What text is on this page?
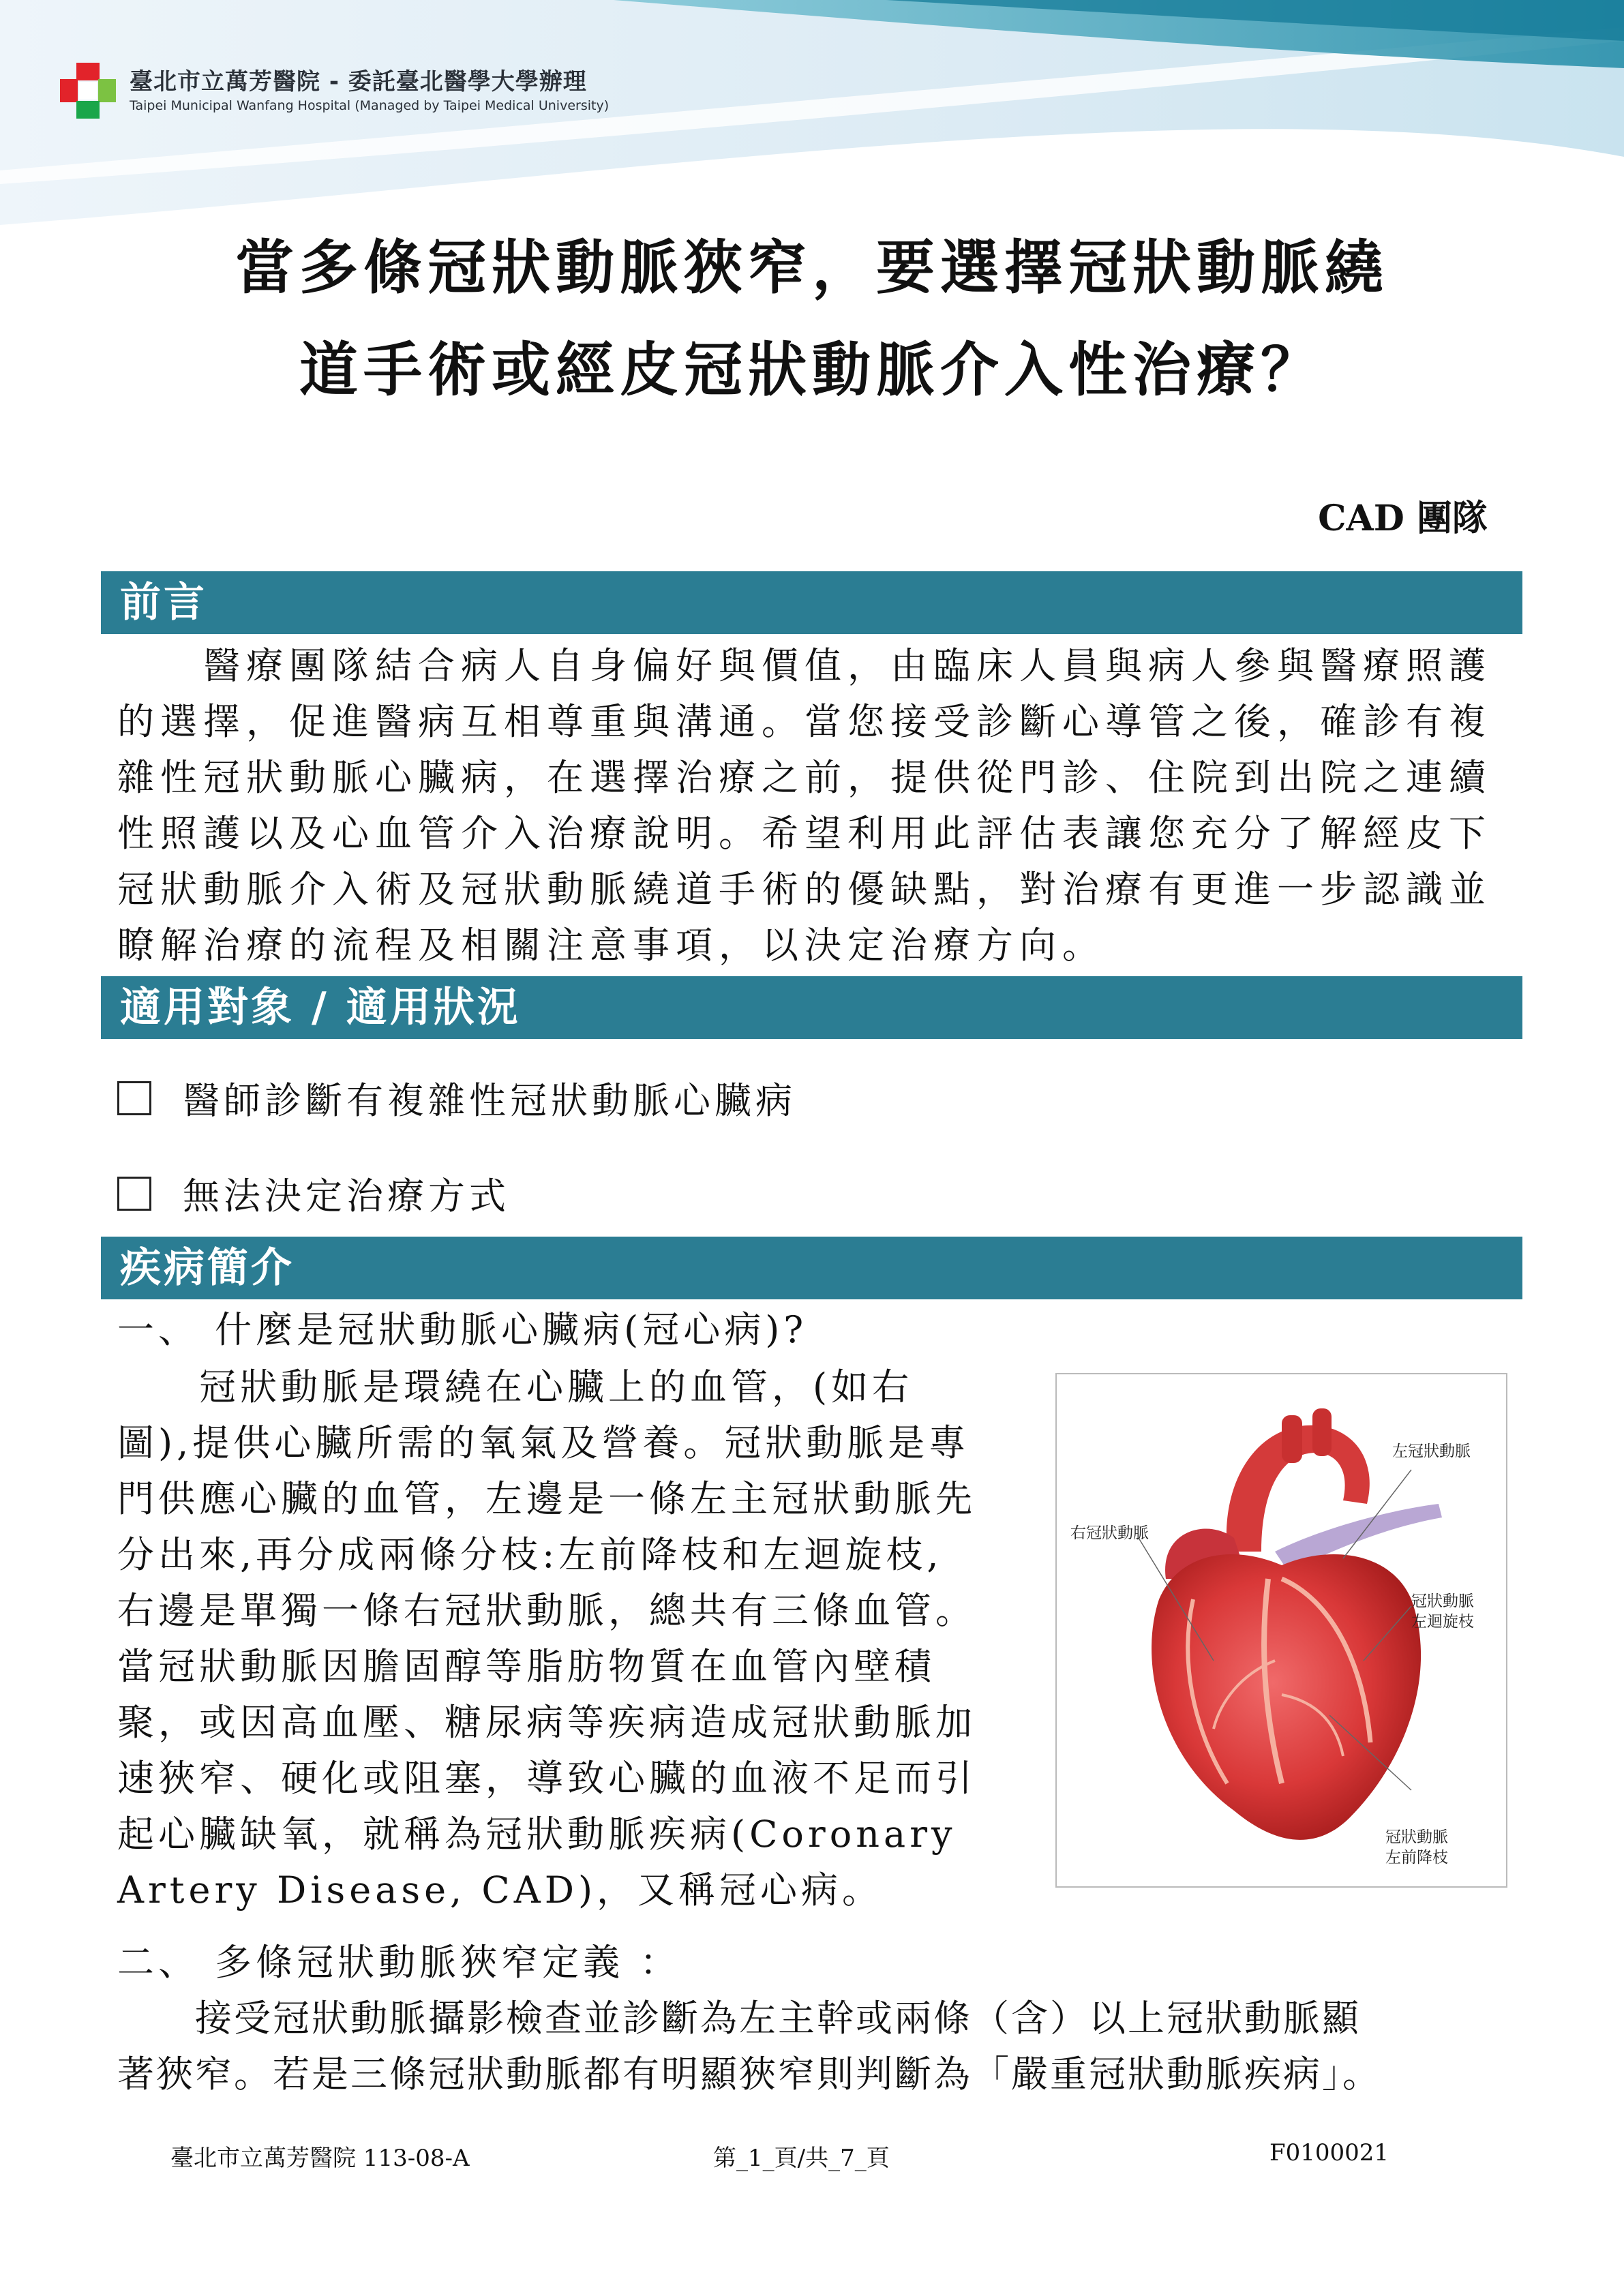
臺北市立萬芳醫院 - 委託臺北醫學大學辦理
Taipei Municipal Wanfang Hospital (Managed by Taipei Medical University)
當多條冠狀動脈狹窄，要選擇冠狀動脈繞
道手術或經皮冠狀動脈介入性治療？
CAD 團隊
前言
　　醫療團隊結合病人自身偏好與價值，由臨床人員與病人參與醫療照護
的選擇，促進醫病互相尊重與溝通。當您接受診斷心導管之後，確診有複
雜性冠狀動脈心臟病，在選擇治療之前，提供從門診、住院到出院之連續
性照護以及心血管介入治療說明。希望利用此評估表讓您充分了解經皮下
冠狀動脈介入術及冠狀動脈繞道手術的優缺點，對治療有更進一步認識並
瞭解治療的流程及相關注意事項，以決定治療方向。
適用對象 / 適用狀況
醫師診斷有複雜性冠狀動脈心臟病
無法決定治療方式
疾病簡介
一、 什麼是冠狀動脈心臟病(冠心病)?
　　冠狀動脈是環繞在心臟上的血管，(如右
圖),提供心臟所需的氧氣及營養。冠狀動脈是專
門供應心臟的血管，左邊是一條左主冠狀動脈先
分出來,再分成兩條分枝:左前降枝和左迴旋枝,
右邊是單獨一條右冠狀動脈，總共有三條血管。
當冠狀動脈因膽固醇等脂肪物質在血管內壁積
聚，或因高血壓、糖尿病等疾病造成冠狀動脈加
速狹窄、硬化或阻塞，導致心臟的血液不足而引
起心臟缺氧，就稱為冠狀動脈疾病(Coronary
Artery Disease, CAD)，又稱冠心病。
左冠狀動脈
右冠狀動脈
冠狀動脈
左迴旋枝
冠狀動脈
左前降枝
二、 多條冠狀動脈狹窄定義 ：
　　接受冠狀動脈攝影檢查並診斷為左主幹或兩條（含）以上冠狀動脈顯
著狹窄。若是三條冠狀動脈都有明顯狹窄則判斷為「嚴重冠狀動脈疾病」。
臺北市立萬芳醫院 113-08-A	第_1_頁/共_7_頁	F0100021
